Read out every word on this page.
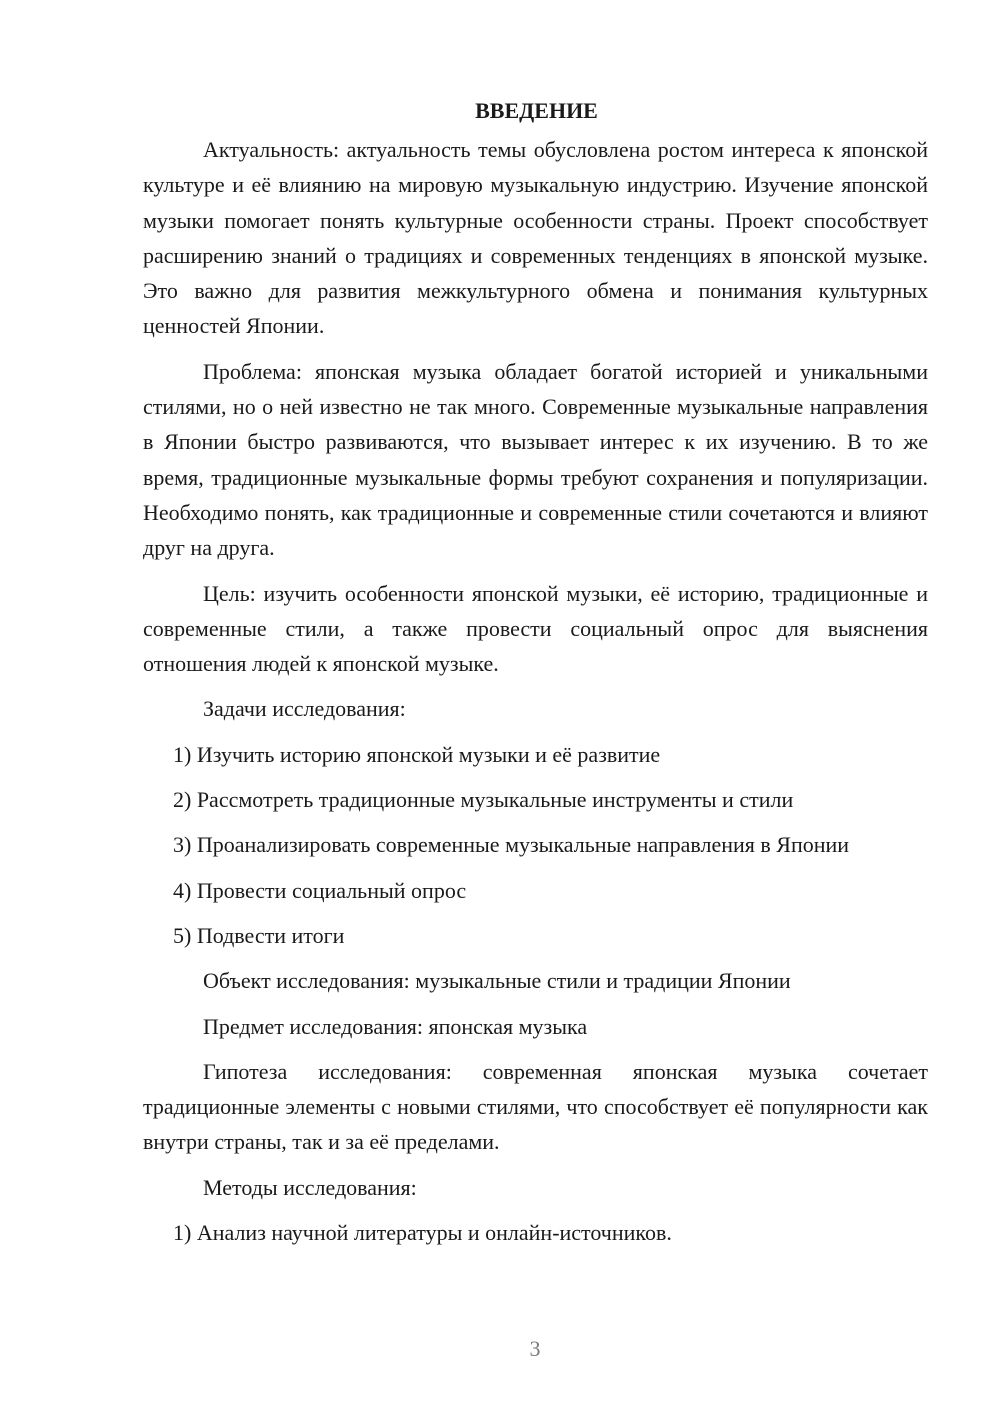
ВВЕДЕНИЕ

Актуальность: актуальность темы обусловлена ростом интереса к японской культуре и её влиянию на мировую музыкальную индустрию. Изучение японской музыки помогает понять культурные особенности страны. Проект способствует расширению знаний о традициях и современных тенденциях в японской музыке. Это важно для развития межкультурного обмена и понимания культурных ценностей Японии.

Проблема: японская музыка обладает богатой историей и уникальными стилями, но о ней известно не так много. Современные музыкальные направления в Японии быстро развиваются, что вызывает интерес к их изучению. В то же время, традиционные музыкальные формы требуют сохранения и популяризации. Необходимо понять, как традиционные и современные стили сочетаются и влияют друг на друга.

Цель: изучить особенности японской музыки, её историю, традиционные и современные стили, а также провести социальный опрос для выяснения отношения людей к японской музыке.

Задачи исследования:

1) Изучить историю японской музыки и её развитие

2) Рассмотреть традиционные музыкальные инструменты и стили

3) Проанализировать современные музыкальные направления в Японии

4) Провести социальный опрос

5) Подвести итоги

Объект исследования: музыкальные стили и традиции Японии

Предмет исследования: японская музыка

Гипотеза исследования: современная японская музыка сочетает традиционные элементы с новыми стилями, что способствует её популярности как внутри страны, так и за её пределами.

Методы исследования:

1) Анализ научной литературы и онлайн-источников.

3
